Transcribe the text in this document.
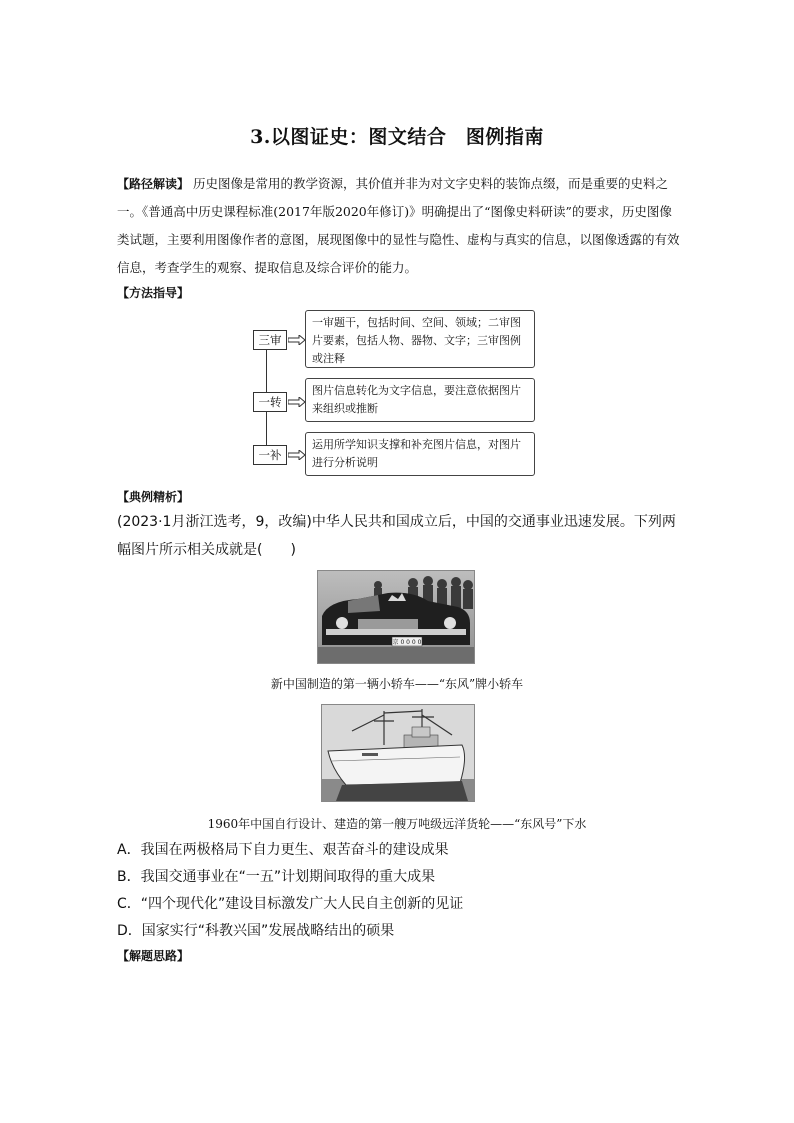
3.以图证史：图文结合　图例指南
【路径解读】 历史图像是常用的教学资源，其价值并非为对文字史料的装饰点缀，而是重要的史料之一。《普通高中历史课程标准(2017年版2020年修订)》明确提出了“图像史料研读”的要求，历史图像类试题，主要利用图像作者的意图，展现图像中的显性与隐性、虚构与真实的信息，以图像透露的有效信息，考查学生的观察、提取信息及综合评价的能力。
【方法指导】
三审
一审题干，包括时间、空间、领域；二审图片要素，包括人物、器物、文字；三审图例或注释
一转
图片信息转化为文字信息，要注意依据图片来组织或推断
一补
运用所学知识支撑和补充图片信息，对图片进行分析说明
【典例精析】
(2023·1月浙江选考，9，改编)中华人民共和国成立后，中国的交通事业迅速发展。下列两幅图片所示相关成就是(　　)
京 0 0 0 0
新中国制造的第一辆小轿车——“东风”牌小轿车
1960年中国自行设计、建造的第一艘万吨级远洋货轮——“东风号”下水
A．我国在两极格局下自力更生、艰苦奋斗的建设成果
B．我国交通事业在“一五”计划期间取得的重大成果
C．“四个现代化”建设目标激发广大人民自主创新的见证
D．国家实行“科教兴国”发展战略结出的硕果
【解题思路】
